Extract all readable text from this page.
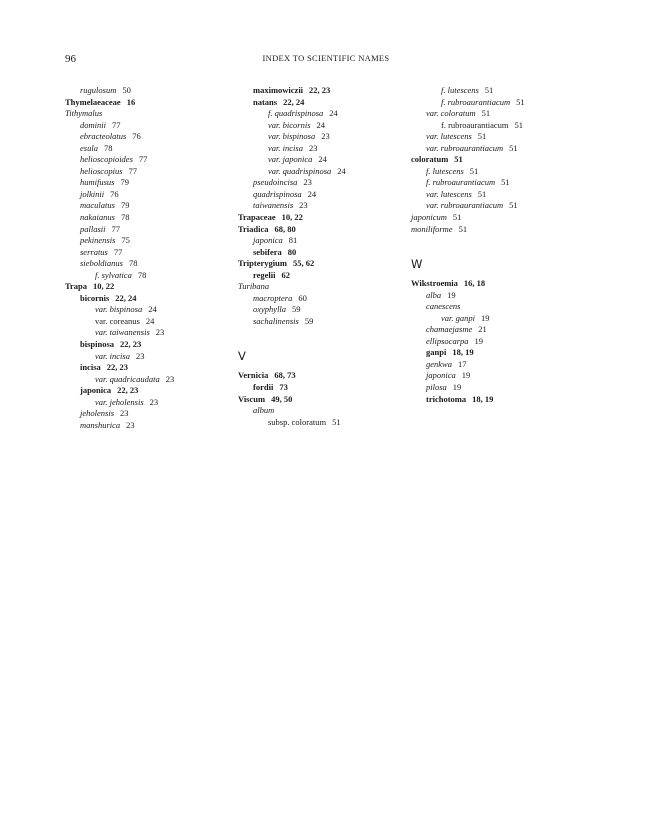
96	INDEX TO SCIENTIFIC NAMES
rugulosum 50
Thymelaeaceae 16
Tithymalus
dominii 77
ebracteolatus 76
esula 78
helioscopioides 77
helioscopius 77
humifusus 79
jolkinii 76
maculatus 79
nakaianus 78
pallasii 77
pekinensis 75
serratus 77
sieboldianus 78
f. sylvatica 78
Trapa 10, 22
bicornis 22, 24
var. bispinosa 24
var. coreanus 24
var. taiwanensis 23
bispinosa 22, 23
var. incisa 23
incisa 22, 23
var. quadricaudata 23
japonica 22, 23
var. jeholensis 23
jeholensis 23
manshurica 23
maximowiczii 22, 23
natans 22, 24
f. quadrispinosa 24
var. bicornis 24
var. bispinosa 23
var. incisa 23
var. japonica 24
var. quadrispinosa 24
pseudoincisa 23
quadrispinosa 24
taiwanensis 23
Trapaceae 10, 22
Triadica 68, 80
japonica 81
sebifera 80
Tripterygium 55, 62
regelii 62
Turibana
macroptera 60
oxyphylla 59
sachalinensis 59
V
Vernicia 68, 73
fordii 73
Viscum 49, 50
album
subsp. coloratum 51
f. lutescens 51
f. rubroaurantiacum 51
var. coloratum 51
f. rubroaurantiacum 51
var. lutescens 51
var. rubroaurantiacum 51
coloratum 51
f. lutescens 51
f. rubroaurantiacum 51
var. lutescens 51
var. rubroaurantiacum 51
japonicum 51
moniliforme 51
W
Wikstroemia 16, 18
alba 19
canescens
var. ganpi 19
chamaejasme 21
ellipsocarpa 19
ganpi 18, 19
genkwa 17
japonica 19
pilosa 19
trichotoma 18, 19
